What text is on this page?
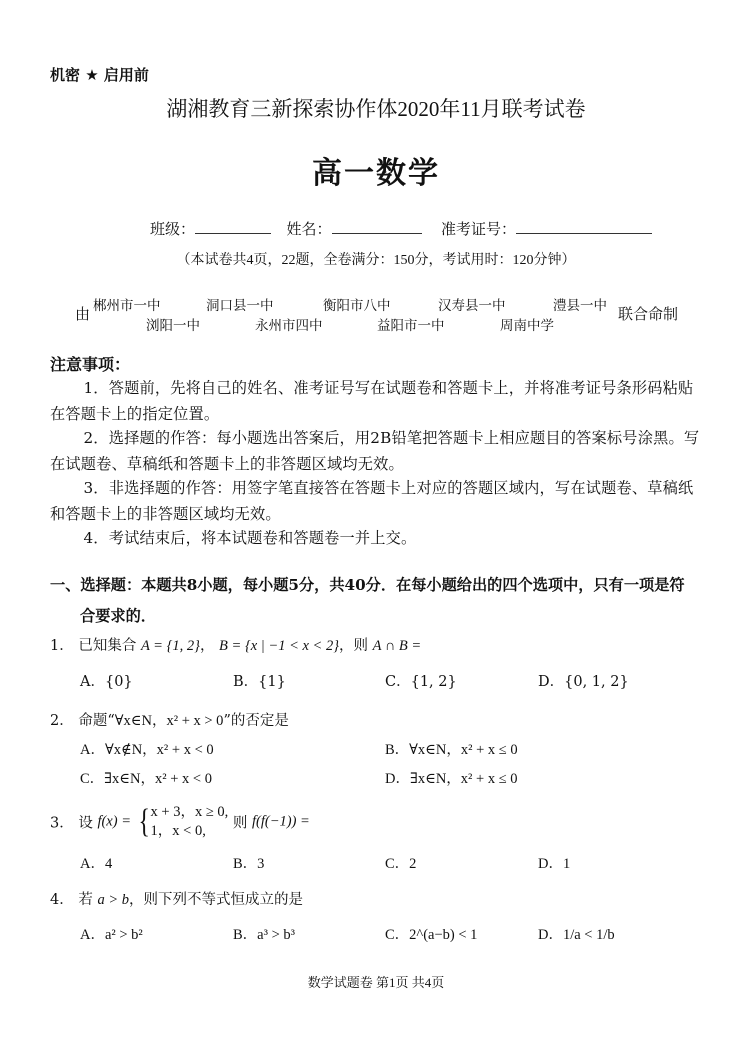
机密 ★ 启用前
湖湘教育三新探索协作体2020年11月联考试卷
高一数学
班级：	姓名：	准考证号：
（本试卷共4页，22题，全卷满分：150分，考试用时：120分钟）
由
郴州市一中	洞口县一中	衡阳市八中	汉寿县一中	澧县一中
浏阳一中	永州市四中	益阳市一中	周南中学
联合命制
注意事项：
1．答题前，先将自己的姓名、准考证号写在试题卷和答题卡上，并将准考证号条形码粘贴在答题卡上的指定位置。
2．选择题的作答：每小题选出答案后，用2B铅笔把答题卡上相应题目的答案标号涂黑。写在试题卷、草稿纸和答题卡上的非答题区域均无效。
3．非选择题的作答：用签字笔直接答在答题卡上对应的答题区域内，写在试题卷、草稿纸和答题卡上的非答题区域均无效。
4．考试结束后，将本试题卷和答题卷一并上交。
一、选择题：本题共8小题，每小题5分，共40分．在每小题给出的四个选项中，只有一项是符
合要求的．
1． 已知集合 A = {1, 2}， B = {x | −1 < x < 2}，则 A ∩ B =
A．{0}	B．{1}	C．{1, 2}	D．{0, 1, 2}
2． 命题“∀x∈N，x² + x > 0”的否定是
A．∀x∉N，x² + x < 0	B．∀x∈N，x² + x ≤ 0
C．∃x∈N，x² + x < 0	D．∃x∈N，x² + x ≤ 0
3． 设 f(x) = { x + 3，x ≥ 0,
1，x < 0,	则 f(f(−1)) =
A．4	B．3	C．2	D．1
4． 若 a > b，则下列不等式恒成立的是
A．a² > b²	B．a³ > b³	C．2^(a−b) < 1	D．1/a < 1/b
数学试题卷 第1页 共4页
